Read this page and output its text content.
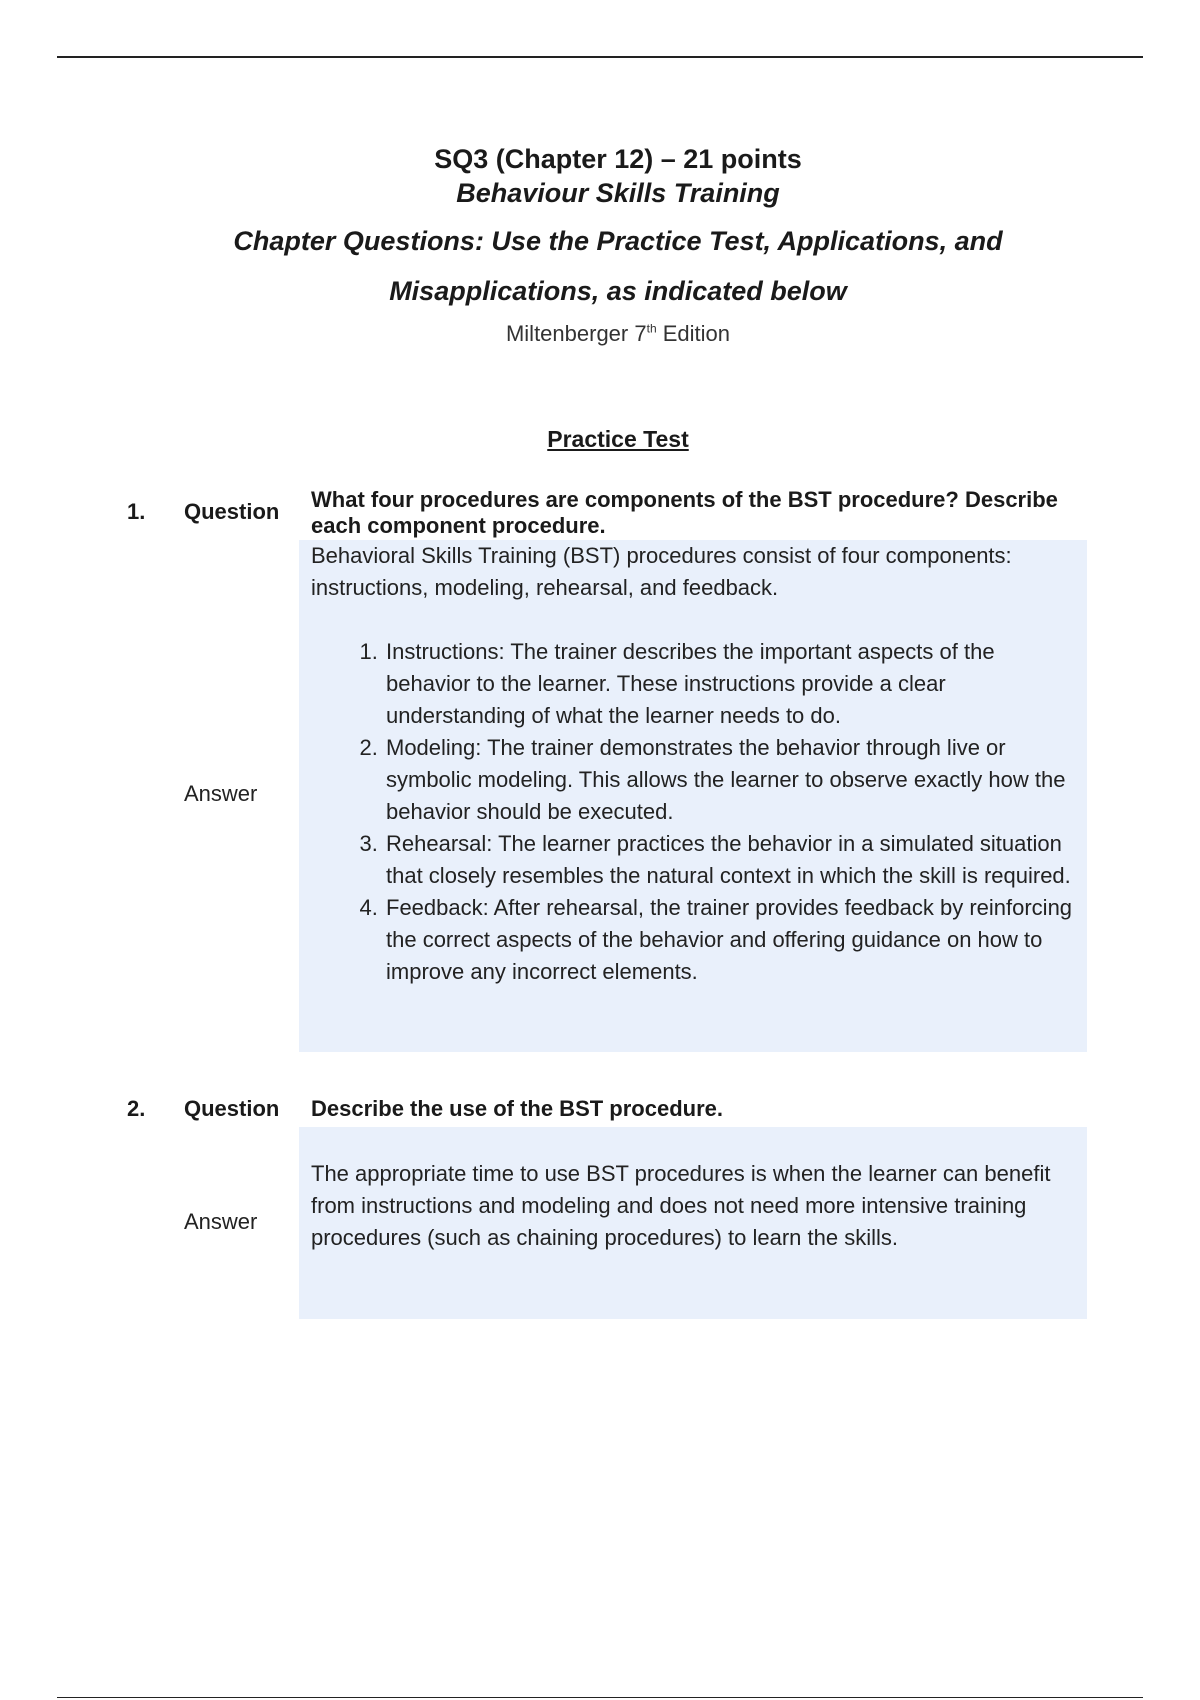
SQ3 (Chapter 12) – 21 points
Behaviour Skills Training
Chapter Questions: Use the Practice Test, Applications, and Misapplications, as indicated below
Miltenberger 7th Edition
Practice Test
1. Question What four procedures are components of the BST procedure? Describe each component procedure.
Answer

Behavioral Skills Training (BST) procedures consist of four components: instructions, modeling, rehearsal, and feedback.

1. Instructions: The trainer describes the important aspects of the behavior to the learner. These instructions provide a clear understanding of what the learner needs to do.
2. Modeling: The trainer demonstrates the behavior through live or symbolic modeling. This allows the learner to observe exactly how the behavior should be executed.
3. Rehearsal: The learner practices the behavior in a simulated situation that closely resembles the natural context in which the skill is required.
4. Feedback: After rehearsal, the trainer provides feedback by reinforcing the correct aspects of the behavior and offering guidance on how to improve any incorrect elements.
2. Question Describe the use of the BST procedure.
Answer

The appropriate time to use BST procedures is when the learner can benefit from instructions and modeling and does not need more intensive training procedures (such as chaining procedures) to learn the skills.
